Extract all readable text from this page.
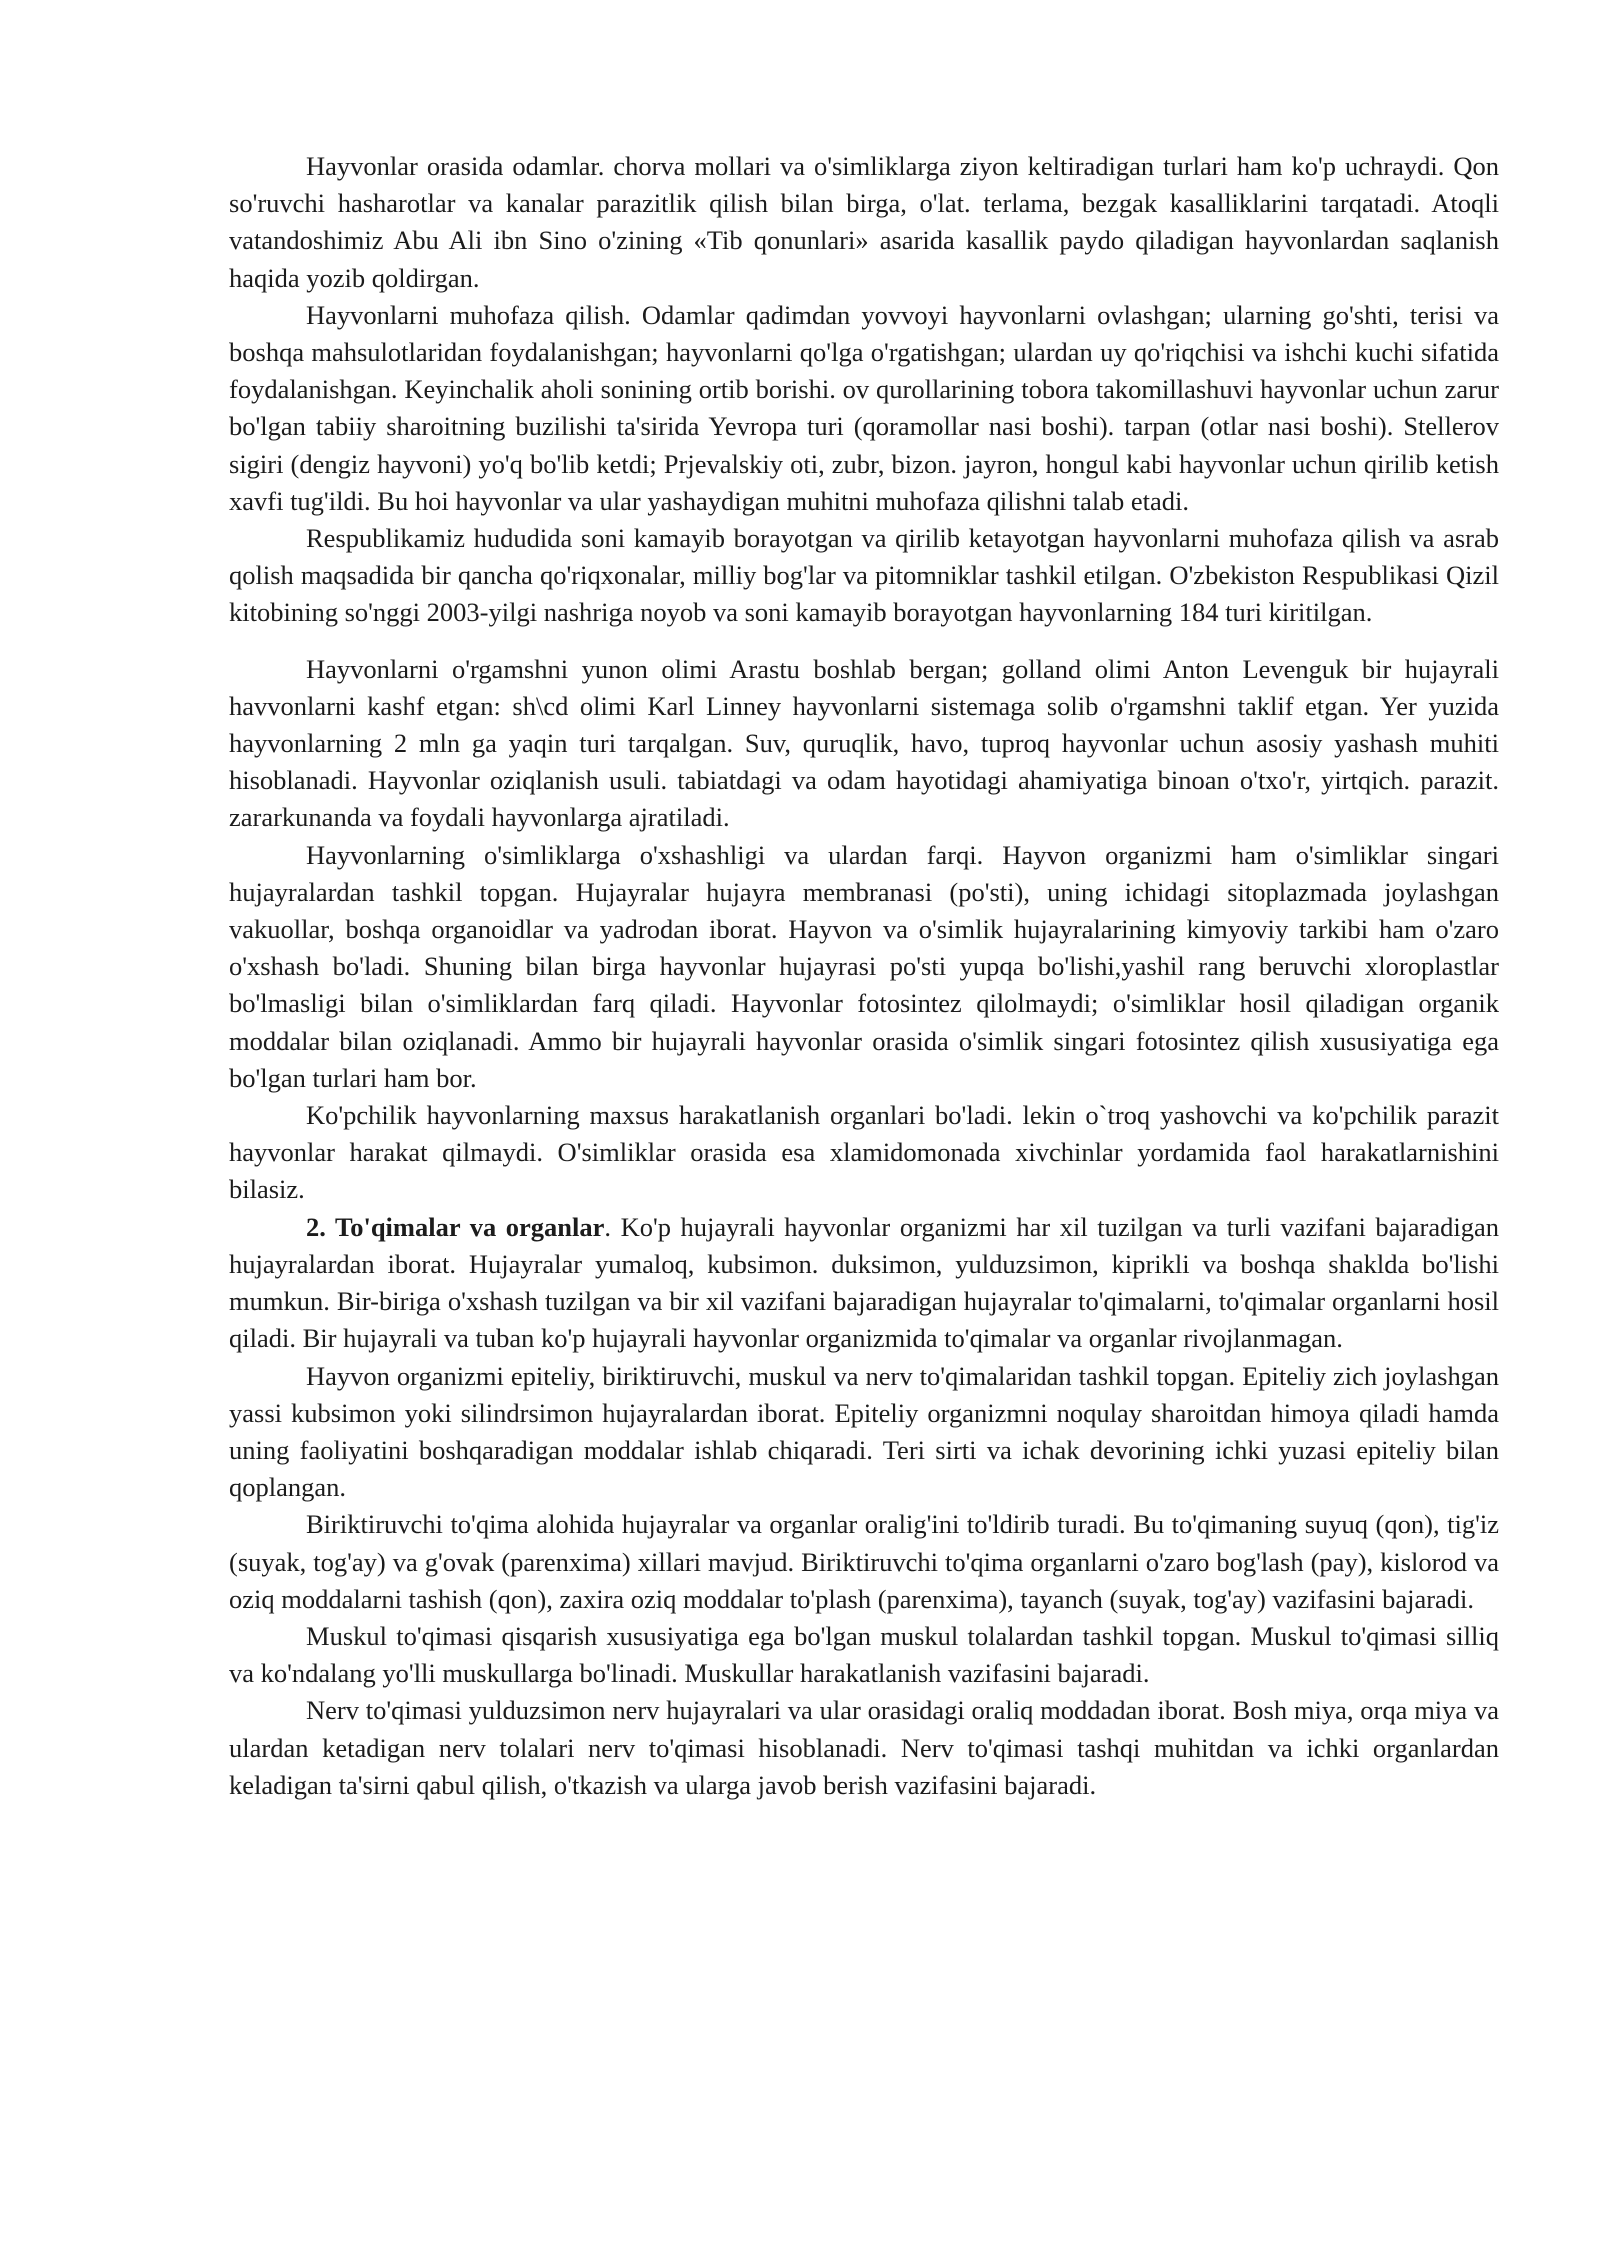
Hayvonlar orasida odamlar. chorva mollari va o'simliklarga ziyon keltiradigan turlari ham ko'p uchraydi. Qon so'ruvchi hasharotlar va kanalar parazitlik qilish bilan birga, o'lat. terlama, bezgak kasalliklarini tarqatadi. Atoqli vatandoshimiz Abu Ali ibn Sino o'zining «Tib qonunlari» asarida kasallik paydo qiladigan hayvonlardan saqlanish haqida yozib qoldirgan.

Hayvonlarni muhofaza qilish. Odamlar qadimdan yovvoyi hayvonlarni ovlashgan; ularning go'shti, terisi va boshqa mahsulotlaridan foydalanishgan; hayvonlarni qo'lga o'rgatishgan; ulardan uy qo'riqchisi va ishchi kuchi sifatida foydalanishgan. Keyinchalik aholi sonining ortib borishi. ov qurollarining tobora takomillashuvi hayvonlar uchun zarur bo'lgan tabiiy sharoitning buzilishi ta'sirida Yevropa turi (qoramollar nasi boshi). tarpan (otlar nasi boshi). Stellerov sigiri (dengiz hayvoni) yo'q bo'lib ketdi; Prjevalskiy oti, zubr, bizon. jayron, hongul kabi hayvonlar uchun qirilib ketish xavfi tug'ildi. Bu hoi hayvonlar va ular yashaydigan muhitni muhofaza qilishni talab etadi.

Respublikamiz hududida soni kamayib borayotgan va qirilib ketayotgan hayvonlarni muhofaza qilish va asrab qolish maqsadida bir qancha qo'riqxonalar, milliy bog'lar va pitomniklar tashkil etilgan. O'zbekiston Respublikasi Qizil kitobining so'nggi 2003-yilgi nashriga noyob va soni kamayib borayotgan hayvonlarning 184 turi kiritilgan.

Hayvonlarni o'rgamshni yunon olimi Arastu boshlab bergan; golland olimi Anton Levenguk bir hujayrali havvonlarni kashf etgan: sh\cd olimi Karl Linney hayvonlarni sistemaga solib o'rgamshni taklif etgan. Yer yuzida hayvonlarning 2 mln ga yaqin turi tarqalgan. Suv, quruqlik, havo, tuproq hayvonlar uchun asosiy yashash muhiti hisoblanadi. Hayvonlar oziqlanish usuli. tabiatdagi va odam hayotidagi ahamiyatiga binoan o'txo'r, yirtqich. parazit. zararkunanda va foydali hayvonlarga ajratiladi.

Hayvonlarning o'simliklarga o'xshashligi va ulardan farqi. Hayvon organizmi ham o'simliklar singari hujayralardan tashkil topgan. Hujayralar hujayra membranasi (po'sti), uning ichidagi sitoplazmada joylashgan vakuollar, boshqa organoidlar va yadrodan iborat. Hayvon va o'simlik hujayralarining kimyoviy tarkibi ham o'zaro o'xshash bo'ladi. Shuning bilan birga hayvonlar hujayrasi po'sti yupqa bo'lishi,yashil rang beruvchi xloroplastlar bo'lmasligi bilan o'simliklardan farq qiladi. Hayvonlar fotosintez qilolmaydi; o'simliklar hosil qiladigan organik moddalar bilan oziqlanadi. Ammo bir hujayrali hayvonlar orasida o'simlik singari fotosintez qilish xususiyatiga ega bo'lgan turlari ham bor.

Ko'pchilik hayvonlarning maxsus harakatlanish organlari bo'ladi. lekin o`troq yashovchi va ko'pchilik parazit hayvonlar harakat qilmaydi. O'simliklar orasida esa xlamidomonada xivchinlar yordamida faol harakatlarnishini bilasiz.

2. To'qimalar va organlar. Ko'p hujayrali hayvonlar organizmi har xil tuzilgan va turli vazifani bajaradigan hujayralardan iborat. Hujayralar yumaloq, kubsimon. duksimon, yulduzsimon, kiprikli va boshqa shaklda bo'lishi mumkun. Bir-biriga o'xshash tuzilgan va bir xil vazifani bajaradigan hujayralar to'qimalarni, to'qimalar organlarni hosil qiladi. Bir hujayrali va tuban ko'p hujayrali hayvonlar organizmida to'qimalar va organlar rivojlanmagan.

Hayvon organizmi epiteliy, biriktiruvchi, muskul va nerv to'qimalaridan tashkil topgan. Epiteliy zich joylashgan yassi kubsimon yoki silindrsimon hujayralardan iborat. Epiteliy organizmni noqulay sharoitdan himoya qiladi hamda uning faoliyatini boshqaradigan moddalar ishlab chiqaradi. Teri sirti va ichak devorining ichki yuzasi epiteliy bilan qoplangan.

Biriktiruvchi to'qima alohida hujayralar va organlar oralig'ini to'ldirib turadi. Bu to'qimaning suyuq (qon), tig'iz (suyak, tog'ay) va g'ovak (parenxima) xillari mavjud. Biriktiruvchi to'qima organlarni o'zaro bog'lash (pay), kislorod va oziq moddalarni tashish (qon), zaxira oziq moddalar to'plash (parenxima), tayanch (suyak, tog'ay) vazifasini bajaradi.

Muskul to'qimasi qisqarish xususiyatiga ega bo'lgan muskul tolalardan tashkil topgan. Muskul to'qimasi silliq va ko'ndalang yo'lli muskullarga bo'linadi. Muskullar harakatlanish vazifasini bajaradi.

Nerv to'qimasi yulduzsimon nerv hujayralari va ular orasidagi oraliq moddadan iborat. Bosh miya, orqa miya va ulardan ketadigan nerv tolalari nerv to'qimasi hisoblanadi. Nerv to'qimasi tashqi muhitdan va ichki organlardan keladigan ta'sirni qabul qilish, o'tkazish va ularga javob berish vazifasini bajaradi.
